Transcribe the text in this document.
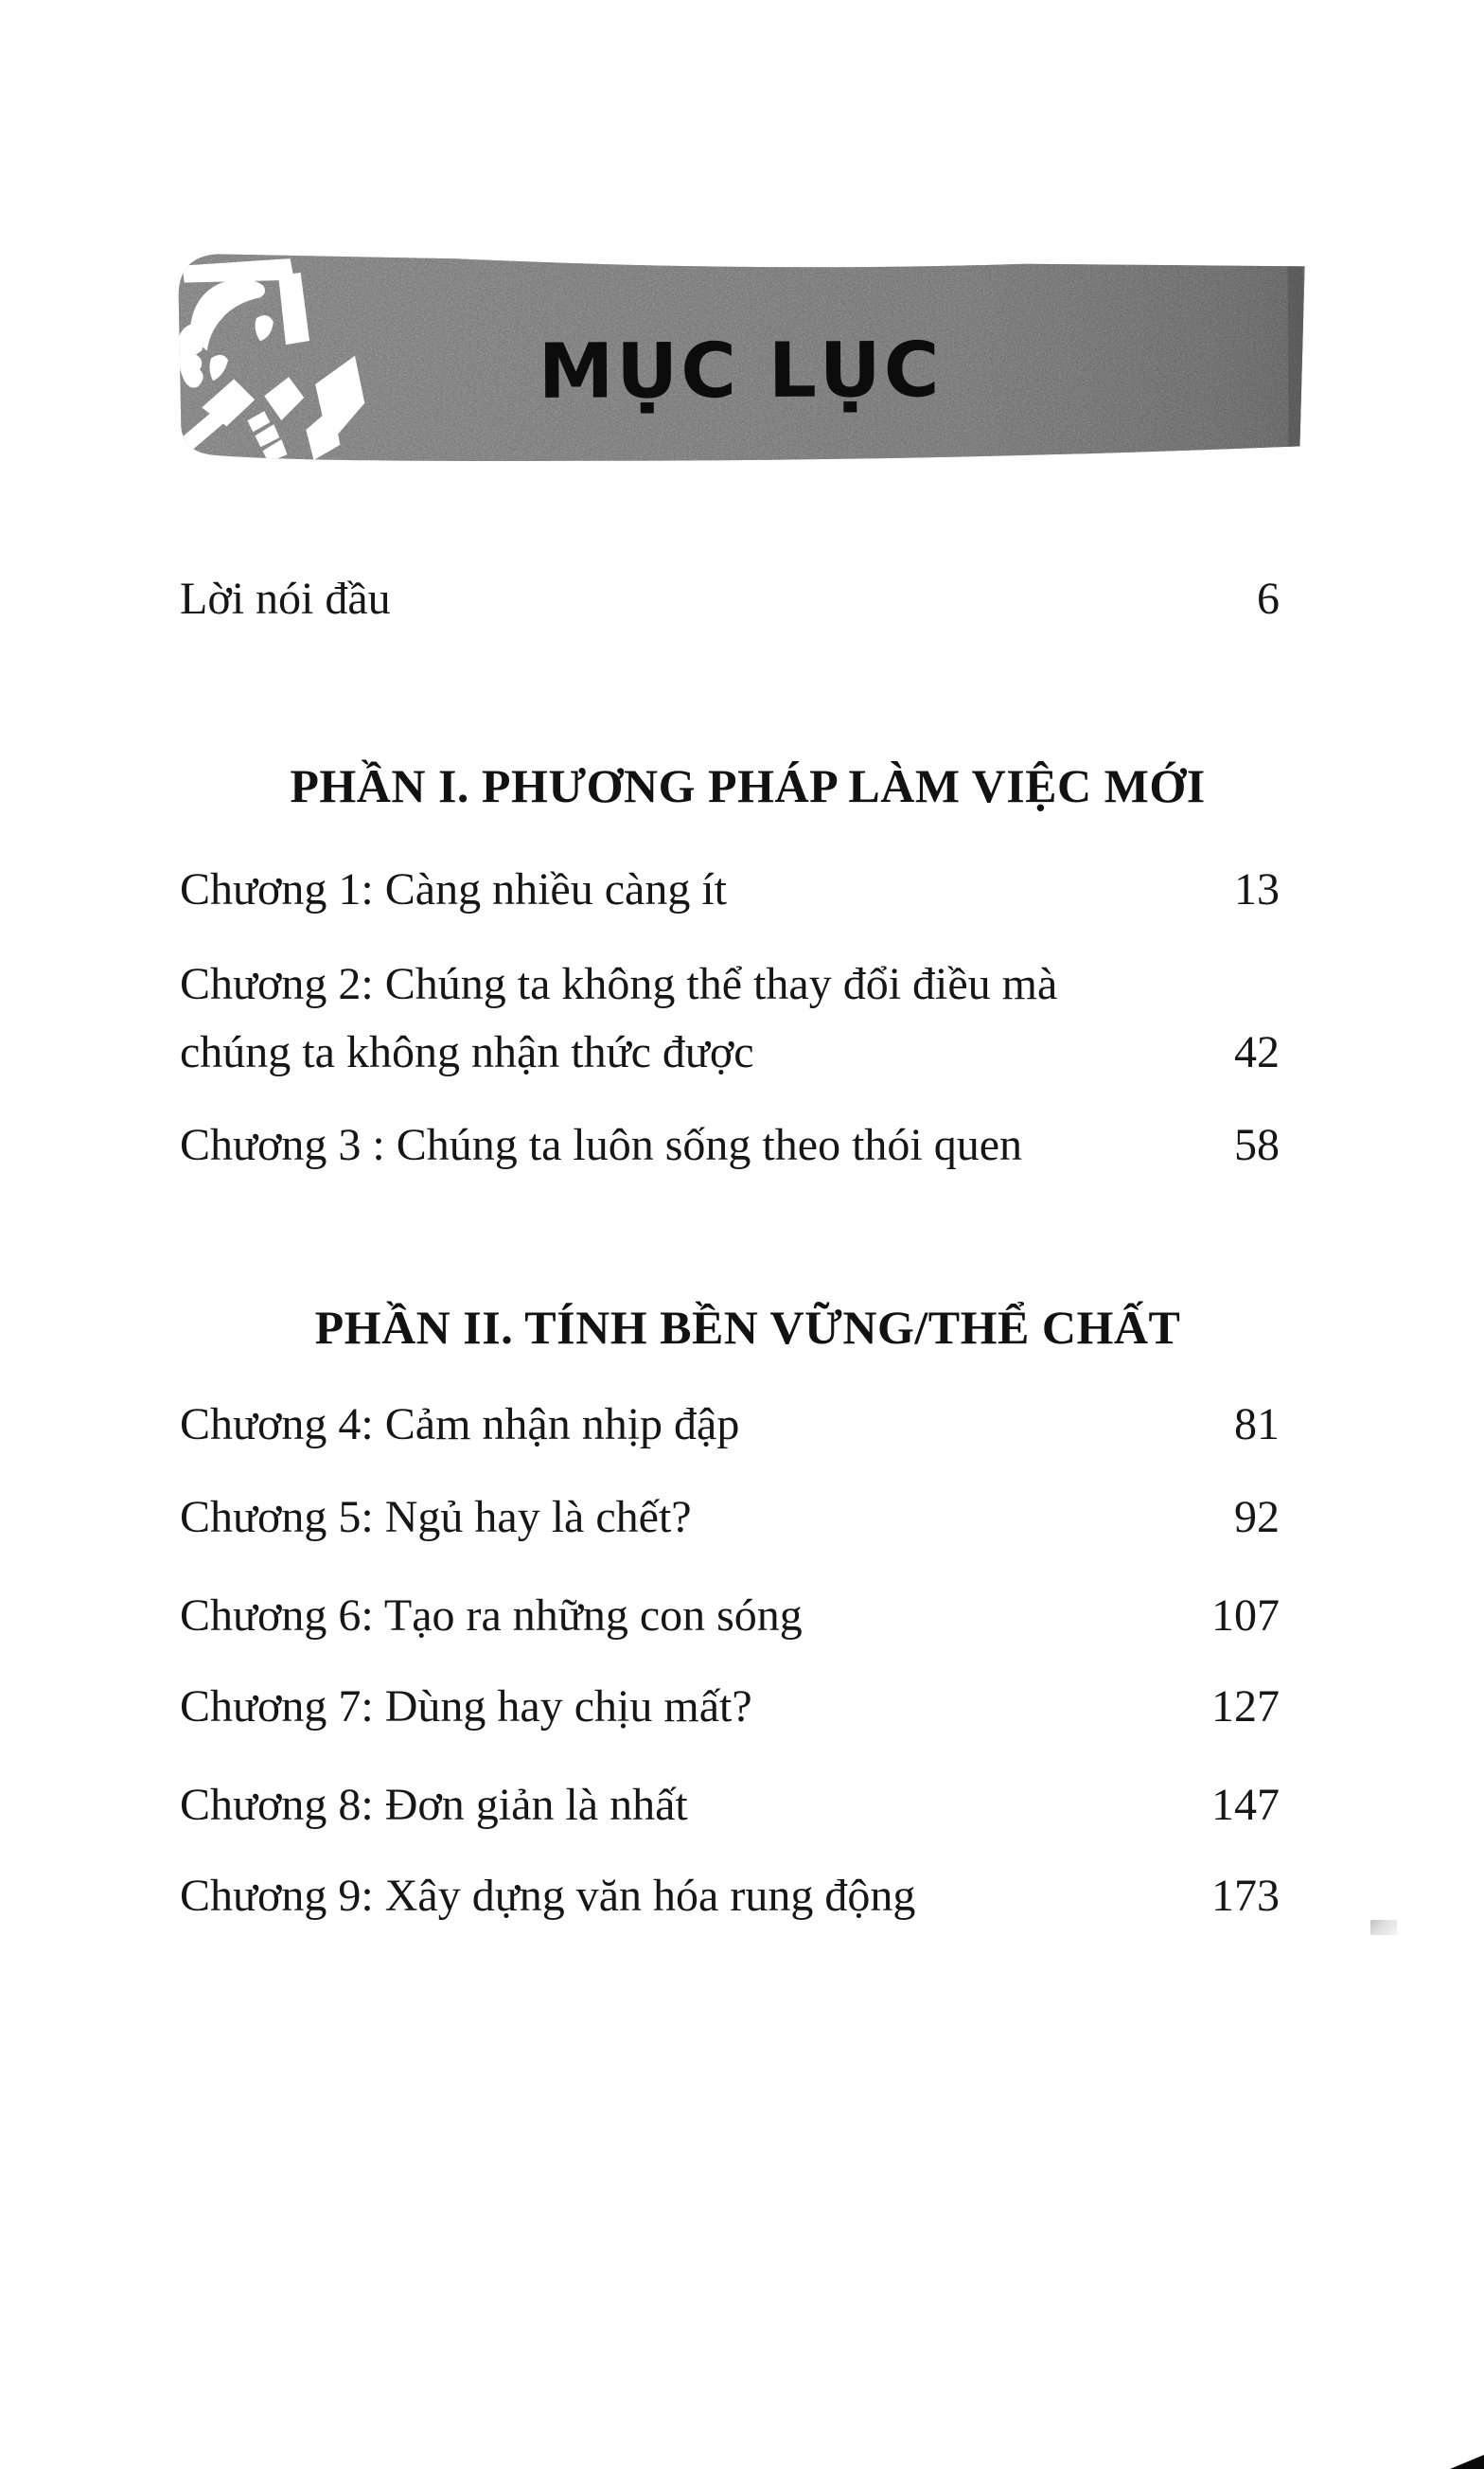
MỤC LỤC
Lời nói đầu	6
PHẦN I. PHƯƠNG PHÁP LÀM VIỆC MỚI
Chương 1: Càng nhiều càng ít	13
Chương 2: Chúng ta không thể thay đổi điều mà
chúng ta không nhận thức được	42
Chương 3 : Chúng ta luôn sống theo thói quen	58
PHẦN II. TÍNH BỀN VỮNG/THỂ CHẤT
Chương 4: Cảm nhận nhịp đập	81
Chương 5: Ngủ hay là chết?	92
Chương 6: Tạo ra những con sóng	107
Chương 7: Dùng hay chịu mất?	127
Chương 8: Đơn giản là nhất	147
Chương 9: Xây dựng văn hóa rung động	173
